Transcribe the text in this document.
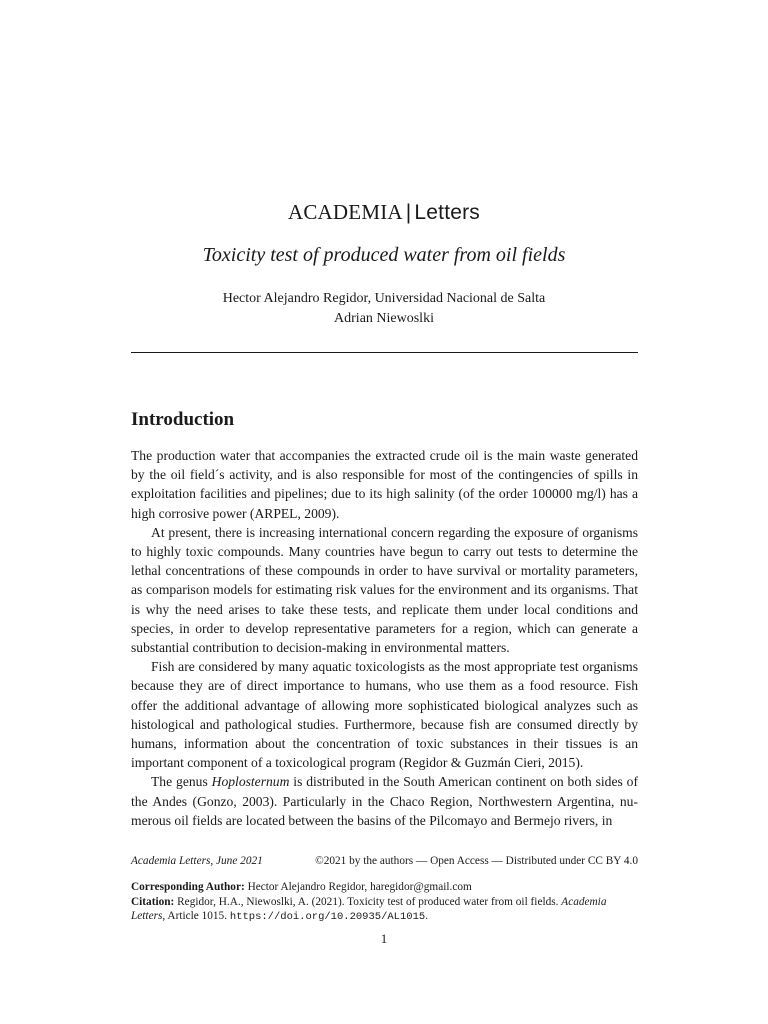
ACADEMIA | Letters
Toxicity test of produced water from oil fields
Hector Alejandro Regidor, Universidad Nacional de Salta
Adrian Niewoslki
Introduction

The production water that accompanies the extracted crude oil is the main waste generated by the oil field´s activity, and is also responsible for most of the contingencies of spills in exploitation facilities and pipelines; due to its high salinity (of the order 100000 mg/l) has a high corrosive power (ARPEL, 2009).

At present, there is increasing international concern regarding the exposure of organisms to highly toxic compounds. Many countries have begun to carry out tests to determine the lethal concentrations of these compounds in order to have survival or mortality parameters, as comparison models for estimating risk values for the environment and its organisms. That is why the need arises to take these tests, and replicate them under local conditions and species, in order to develop representative parameters for a region, which can generate a substantial contribution to decision-making in environmental matters.

Fish are considered by many aquatic toxicologists as the most appropriate test organisms because they are of direct importance to humans, who use them as a food resource. Fish offer the additional advantage of allowing more sophisticated biological analyzes such as histological and pathological studies. Furthermore, because fish are consumed directly by humans, information about the concentration of toxic substances in their tissues is an important component of a toxicological program (Regidor & Guzmán Cieri, 2015).

The genus Hoplosternum is distributed in the South American continent on both sides of the Andes (Gonzo, 2003). Particularly in the Chaco Region, Northwestern Argentina, numerous oil fields are located between the basins of the Pilcomayo and Bermejo rivers, in

Academia Letters, June 2021	©2021 by the authors — Open Access — Distributed under CC BY 4.0

Corresponding Author: Hector Alejandro Regidor, haregidor@gmail.com

Citation: Regidor, H.A., Niewoslki, A. (2021). Toxicity test of produced water from oil fields. Academia Letters, Article 1015. https://doi.org/10.20935/AL1015.

1
